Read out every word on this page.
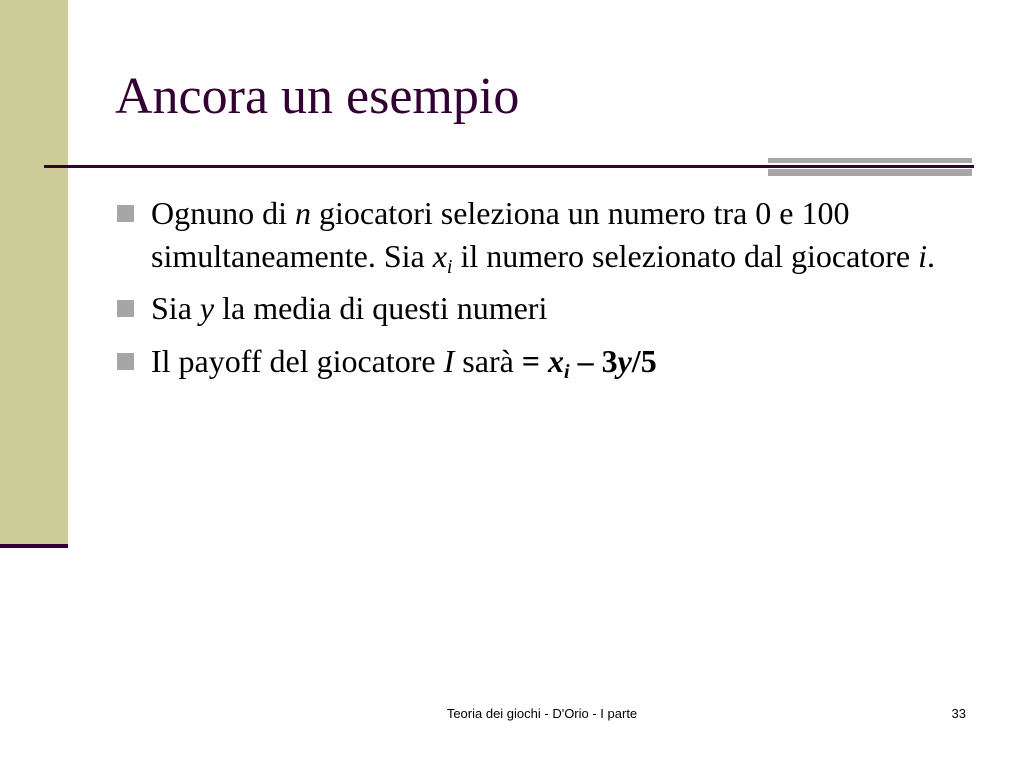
Ancora un esempio
Ognuno di n giocatori seleziona un numero tra 0 e 100 simultaneamente. Sia $x_i$ il numero selezionato dal giocatore i.
Sia y la media di questi numeri
Il payoff del giocatore I sarà = $x_i - 3y/5$
Teoria dei giochi - D'Orio - I parte	33
